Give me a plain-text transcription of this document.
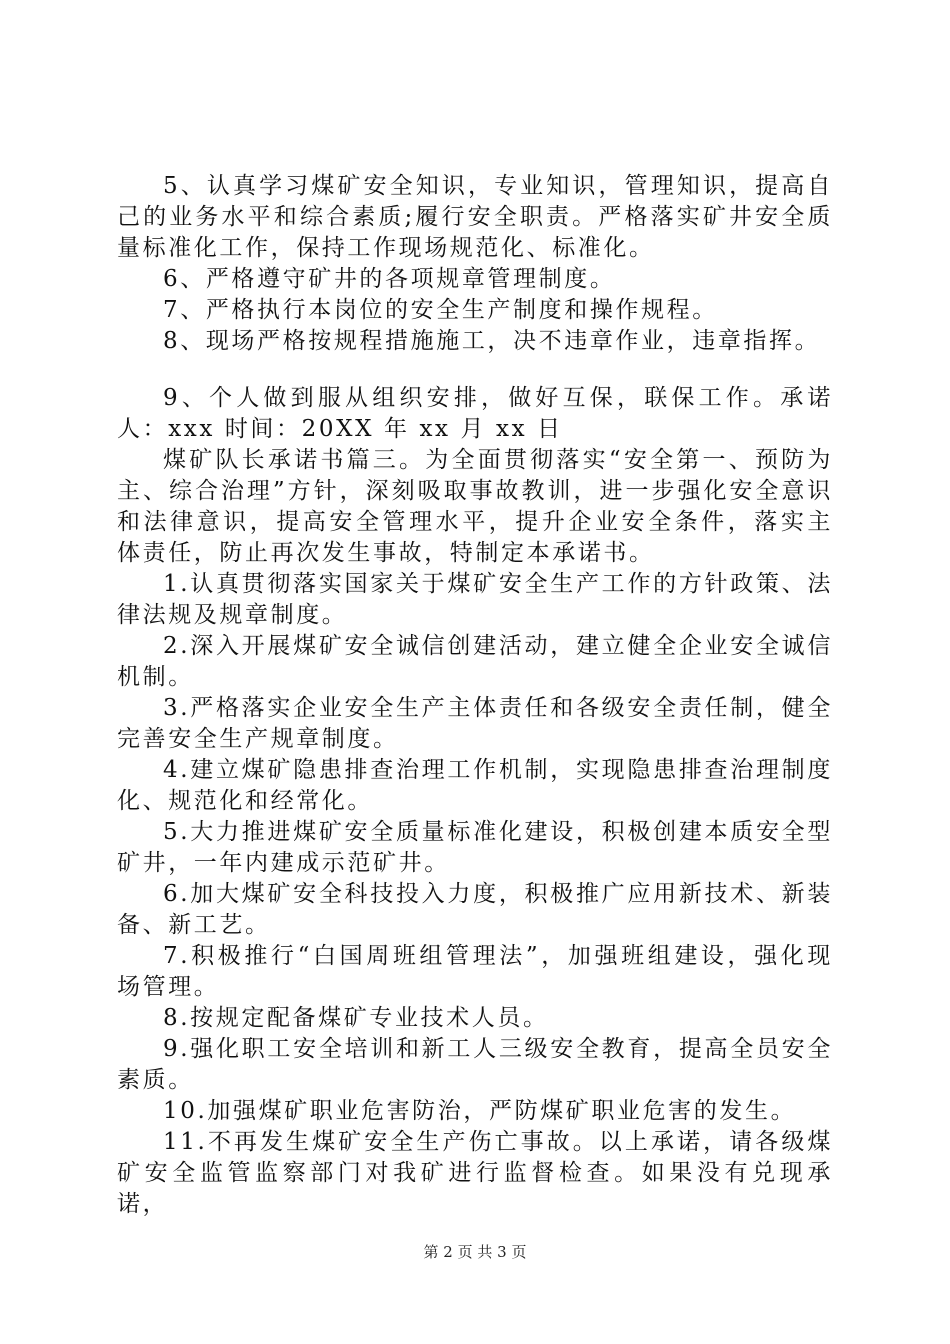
5、认真学习煤矿安全知识，专业知识，管理知识，提高自己的业务水平和综合素质;履行安全职责。严格落实矿井安全质量标准化工作，保持工作现场规范化、标准化。

6、严格遵守矿井的各项规章管理制度。

7、严格执行本岗位的安全生产制度和操作规程。

8、现场严格按规程措施施工，决不违章作业，违章指挥。

9、个人做到服从组织安排，做好互保，联保工作。承诺人：xxx 时间：20XX 年 xx 月 xx 日

煤矿队长承诺书篇三。为全面贯彻落实“安全第一、预防为主、综合治理”方针，深刻吸取事故教训，进一步强化安全意识和法律意识，提高安全管理水平，提升企业安全条件，落实主体责任，防止再次发生事故，特制定本承诺书。

1.认真贯彻落实国家关于煤矿安全生产工作的方针政策、法律法规及规章制度。

2.深入开展煤矿安全诚信创建活动，建立健全企业安全诚信机制。

3.严格落实企业安全生产主体责任和各级安全责任制，健全完善安全生产规章制度。

4.建立煤矿隐患排查治理工作机制，实现隐患排查治理制度化、规范化和经常化。

5.大力推进煤矿安全质量标准化建设，积极创建本质安全型矿井，一年内建成示范矿井。

6.加大煤矿安全科技投入力度，积极推广应用新技术、新装备、新工艺。

7.积极推行“白国周班组管理法”，加强班组建设，强化现场管理。

8.按规定配备煤矿专业技术人员。

9.强化职工安全培训和新工人三级安全教育，提高全员安全素质。

10.加强煤矿职业危害防治，严防煤矿职业危害的发生。

11.不再发生煤矿安全生产伤亡事故。以上承诺，请各级煤矿安全监管监察部门对我矿进行监督检查。如果没有兑现承诺，

第 2 页 共 3 页
